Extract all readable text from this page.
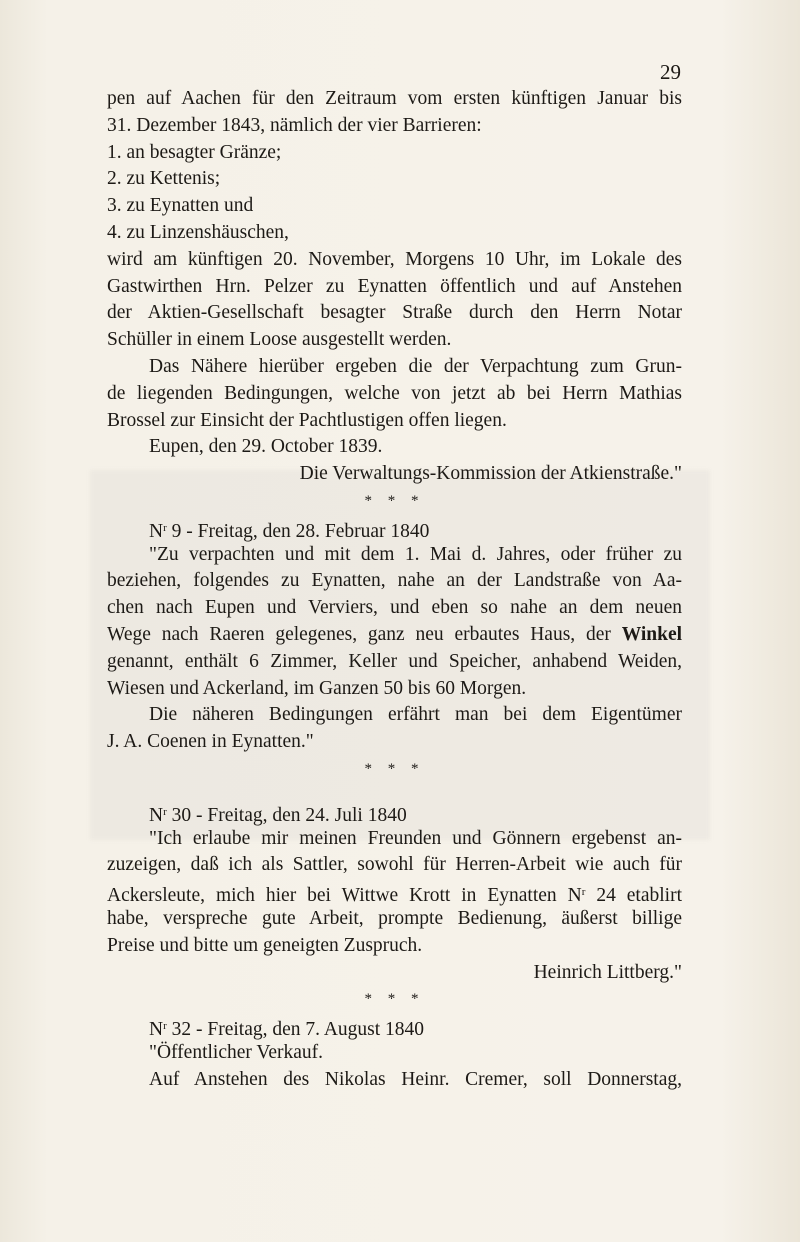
29
pen auf Aachen für den Zeitraum vom ersten künftigen Januar bis
31. Dezember 1843, nämlich der vier Barrieren:
1. an besagter Gränze;
2. zu Kettenis;
3. zu Eynatten und
4. zu Linzenshäuschen,
wird am künftigen 20. November, Morgens 10 Uhr, im Lokale des
Gastwirthen Hrn. Pelzer zu Eynatten öffentlich und auf Anstehen
der Aktien-Gesellschaft besagter Straße durch den Herrn Notar
Schüller in einem Loose ausgestellt werden.
Das Nähere hierüber ergeben die der Verpachtung zum Grun-
de liegenden Bedingungen, welche von jetzt ab bei Herrn Mathias
Brossel zur Einsicht der Pachtlustigen offen liegen.
Eupen, den 29. October 1839.
Die Verwaltungs-Kommission der Atkienstraße."
* * *
$N^r$ 9 - Freitag, den 28. Februar 1840
"Zu verpachten und mit dem 1. Mai d. Jahres, oder früher zu
beziehen, folgendes zu Eynatten, nahe an der Landstraße von Aa-
chen nach Eupen und Verviers, und eben so nahe an dem neuen
Wege nach Raeren gelegenes, ganz neu erbautes Haus, der Winkel
genannt, enthält 6 Zimmer, Keller und Speicher, anhabend Weiden,
Wiesen und Ackerland, im Ganzen 50 bis 60 Morgen.
Die näheren Bedingungen erfährt man bei dem Eigentümer
J. A. Coenen in Eynatten."
* * *
$N^r$ 30 - Freitag, den 24. Juli 1840
"Ich erlaube mir meinen Freunden und Gönnern ergebenst an-
zuzeigen, daß ich als Sattler, sowohl für Herren-Arbeit wie auch für
Ackersleute, mich hier bei Wittwe Krott in Eynatten $N^r$ 24 etablirt
habe, verspreche gute Arbeit, prompte Bedienung, äußerst billige
Preise und bitte um geneigten Zuspruch.
Heinrich Littberg."
* * *
$N^r$ 32 - Freitag, den 7. August 1840
"Öffentlicher Verkauf.
Auf Anstehen des Nikolas Heinr. Cremer, soll Donnerstag,
